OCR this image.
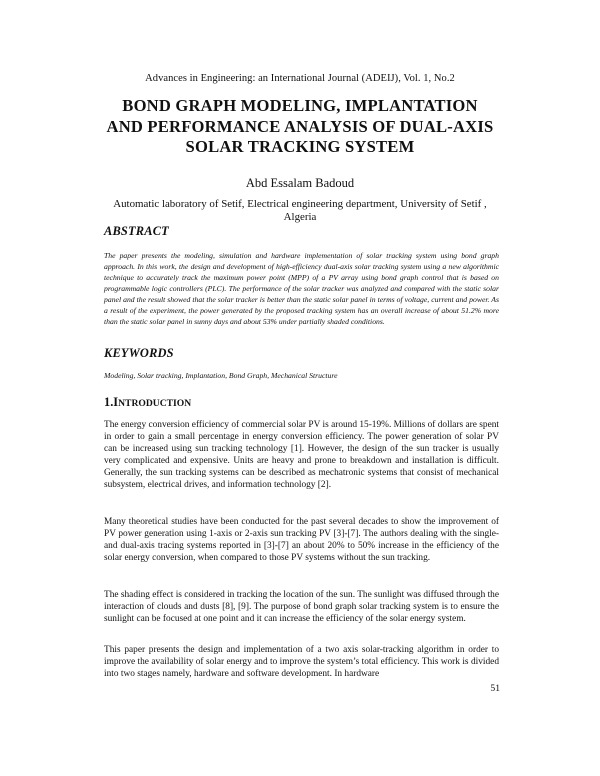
Advances in Engineering: an International Journal (ADEIJ), Vol. 1, No.2
BOND GRAPH MODELING, IMPLANTATION
AND PERFORMANCE ANALYSIS OF DUAL-AXIS
SOLAR TRACKING SYSTEM
Abd Essalam Badoud
Automatic laboratory of Setif, Electrical engineering department, University of Setif , Algeria
ABSTRACT
The paper presents the modeling, simulation and hardware implementation of solar tracking system using bond graph approach. In this work, the design and development of high-efficiency dual-axis solar tracking system using a new algorithmic technique to accurately track the maximum power point (MPP) of a PV array using bond graph control that is based on programmable logic controllers (PLC). The performance of the solar tracker was analyzed and compared with the static solar panel and the result showed that the solar tracker is better than the static solar panel in terms of voltage, current and power. As a result of the experiment, the power generated by the proposed tracking system has an overall increase of about 51.2% more than the static solar panel in sunny days and about 53% under partially shaded conditions.
KEYWORDS
Modeling, Solar tracking, Implantation, Bond Graph, Mechanical Structure
1.INTRODUCTION
The energy conversion efficiency of commercial solar PV is around 15-19%. Millions of dollars are spent in order to gain a small percentage in energy conversion efficiency. The power generation of solar PV can be increased using sun tracking technology [1]. However, the design of the sun tracker is usually very complicated and expensive. Units are heavy and prone to breakdown and installation is difficult. Generally, the sun tracking systems can be described as mechatronic systems that consist of mechanical subsystem, electrical drives, and information technology [2].
Many theoretical studies have been conducted for the past several decades to show the improvement of PV power generation using 1-axis or 2-axis sun tracking PV [3]-[7]. The authors dealing with the single- and dual-axis tracing systems reported in [3]-[7] an about 20% to 50% increase in the efficiency of the solar energy conversion, when compared to those PV systems without the sun tracking.
The shading effect is considered in tracking the location of the sun. The sunlight was diffused through the interaction of clouds and dusts [8], [9]. The purpose of bond graph solar tracking system is to ensure the sunlight can be focused at one point and it can increase the efficiency of the solar energy system.
This paper presents the design and implementation of a two axis solar-tracking algorithm in order to improve the availability of solar energy and to improve the system’s total efficiency. This work is divided into two stages namely, hardware and software development. In hardware
51
